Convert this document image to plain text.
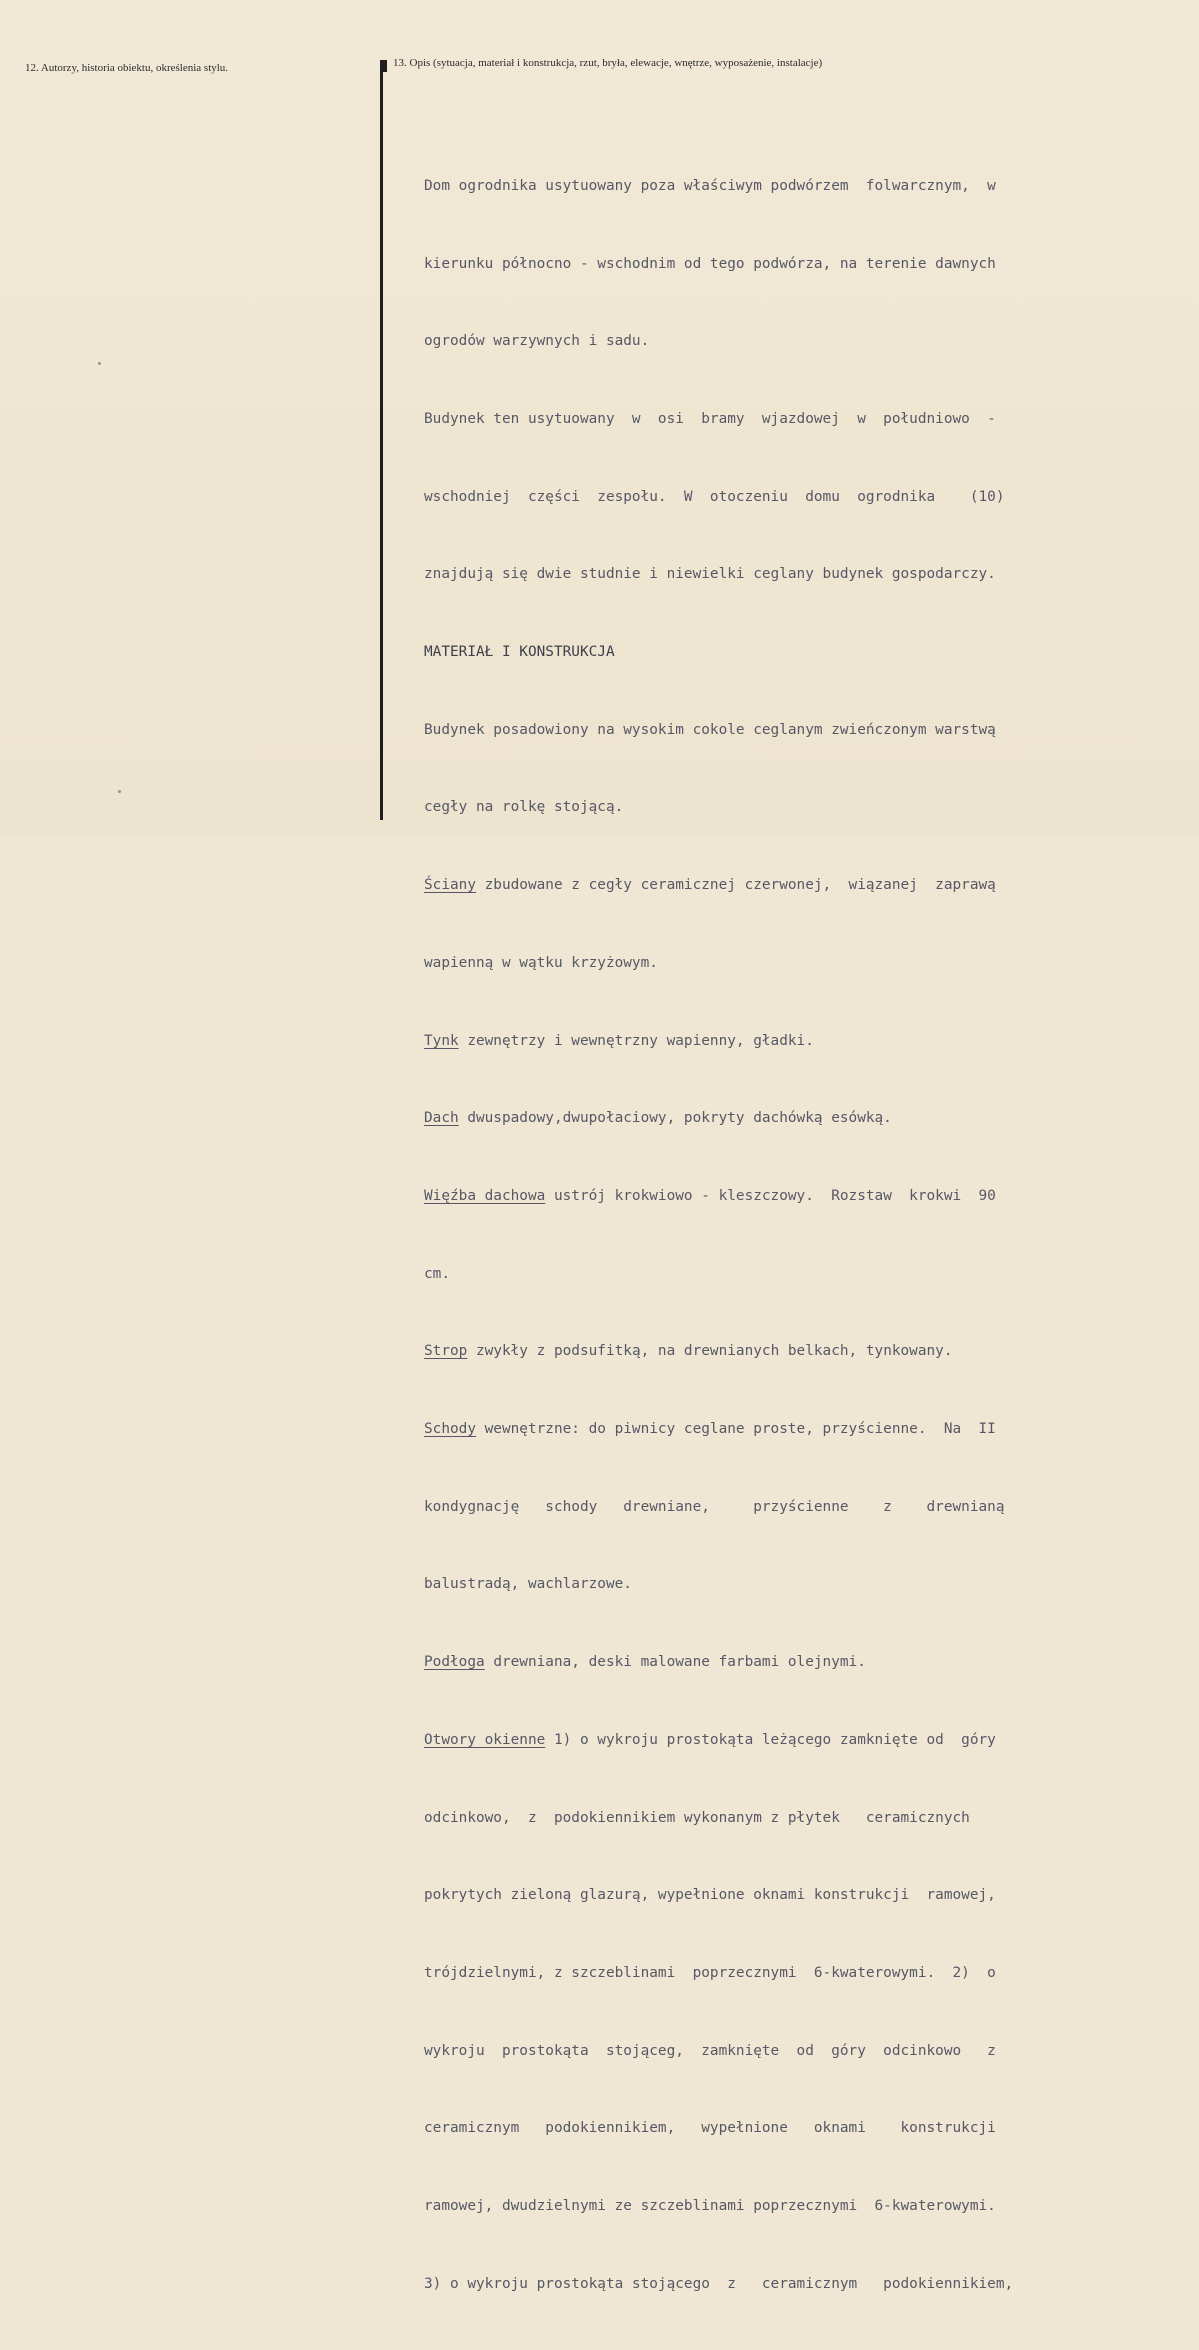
12. Autorzy, historia obiektu, określenia stylu.	13. Opis (sytuacja, materiał i konstrukcja, rzut, bryła, elewacje, wnętrze, wyposażenie, instalacje)

Dom ogrodnika usytuowany poza właściwym podwórzem  folwarcznym,  w

kierunku północno - wschodnim od tego podwórza, na terenie dawnych

ogrodów warzywnych i sadu.

Budynek ten usytuowany  w  osi  bramy  wjazdowej  w  południowo  -

wschodniej  części  zespołu.  W  otoczeniu  domu  ogrodnika    (10)

znajdują się dwie studnie i niewielki ceglany budynek gospodarczy.

MATERIAŁ I KONSTRUKCJA

Budynek posadowiony na wysokim cokole ceglanym zwieńczonym warstwą

cegły na rolkę stojącą.

Ściany zbudowane z cegły ceramicznej czerwonej,  wiązanej  zaprawą

wapienną w wątku krzyżowym.

Tynk zewnętrzy i wewnętrzny wapienny, gładki.

Dach dwuspadowy,dwupołaciowy, pokryty dachówką esówką.

Więźba dachowa ustrój krokwiowo - kleszczowy.  Rozstaw  krokwi  90

cm.

Strop zwykły z podsufitką, na drewnianych belkach, tynkowany.

Schody wewnętrzne: do piwnicy ceglane proste, przyścienne.  Na  II

kondygnację   schody   drewniane,     przyścienne    z    drewnianą

balustradą, wachlarzowe.

Podłoga drewniana, deski malowane farbami olejnymi.

Otwory okienne 1) o wykroju prostokąta leżącego zamknięte od  góry

odcinkowo,  z  podokiennikiem wykonanym z płytek   ceramicznych

pokrytych zieloną glazurą, wypełnione oknami konstrukcji  ramowej,

trójdzielnymi, z szczeblinami  poprzecznymi  6-kwaterowymi.  2)  o

wykroju  prostokąta  stojąceg,  zamknięte  od  góry  odcinkowo   z

ceramicznym   podokiennikiem,   wypełnione   oknami    konstrukcji

ramowej, dwudzielnymi ze szczeblinami poprzecznymi  6-kwaterowymi.

3) o wykroju prostokąta stojącego  z   ceramicznym   podokiennikiem,
